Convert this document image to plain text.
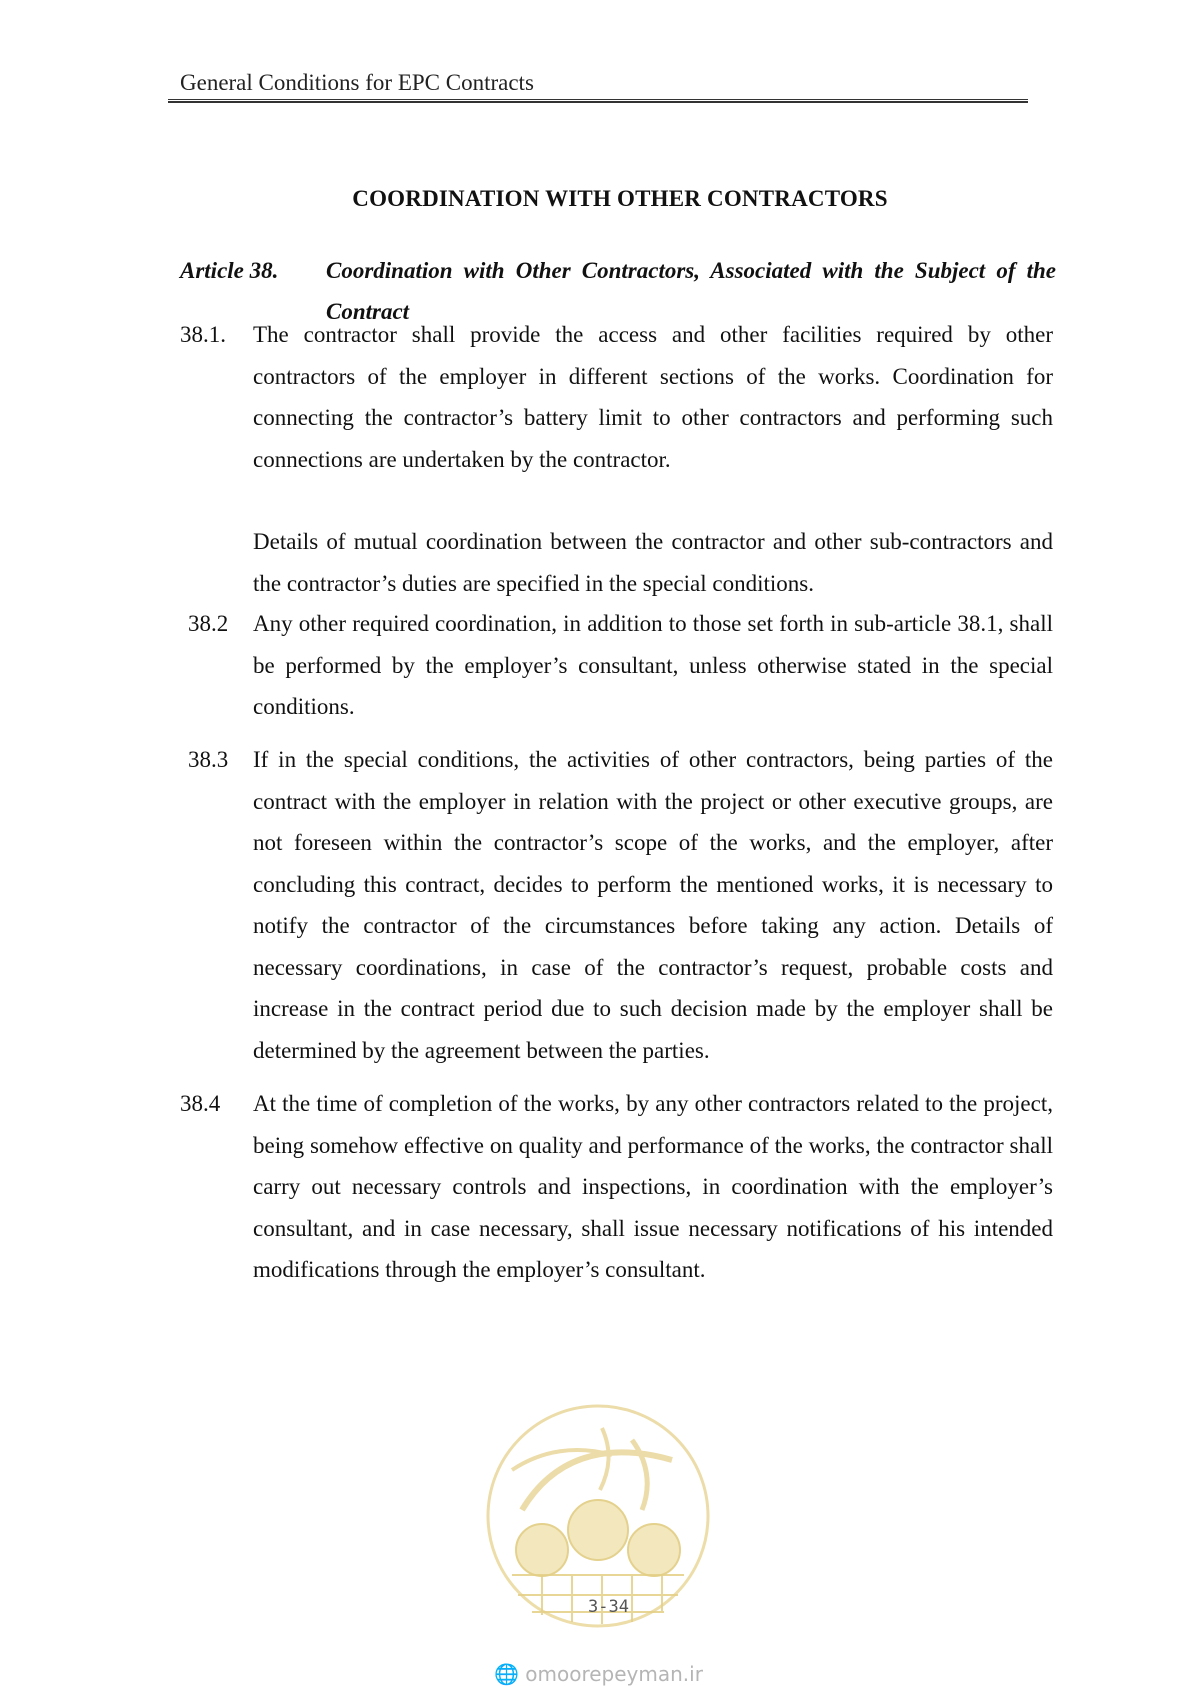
General Conditions for EPC Contracts
COORDINATION WITH OTHER CONTRACTORS
Article 38. Coordination with Other Contractors, Associated with the Subject of the Contract
38.1. The contractor shall provide the access and other facilities required by other contractors of the employer in different sections of the works. Coordination for connecting the contractor’s battery limit to other contractors and performing such connections are undertaken by the contractor.
Details of mutual coordination between the contractor and other sub-contractors and the contractor’s duties are specified in the special conditions.
38.2 Any other required coordination, in addition to those set forth in sub-article 38.1, shall be performed by the employer’s consultant, unless otherwise stated in the special conditions.
38.3 If in the special conditions, the activities of other contractors, being parties of the contract with the employer in relation with the project or other executive groups, are not foreseen within the contractor’s scope of the works, and the employer, after concluding this contract, decides to perform the mentioned works, it is necessary to notify the contractor of the circumstances before taking any action. Details of necessary coordinations, in case of the contractor’s request, probable costs and increase in the contract period due to such decision made by the employer shall be determined by the agreement between the parties.
38.4 At the time of completion of the works, by any other contractors related to the project, being somehow effective on quality and performance of the works, the contractor shall carry out necessary controls and inspections, in coordination with the employer’s consultant, and in case necessary, shall issue necessary notifications of his intended modifications through the employer’s consultant.
3-34
🌐 omoorepeyman.ir
